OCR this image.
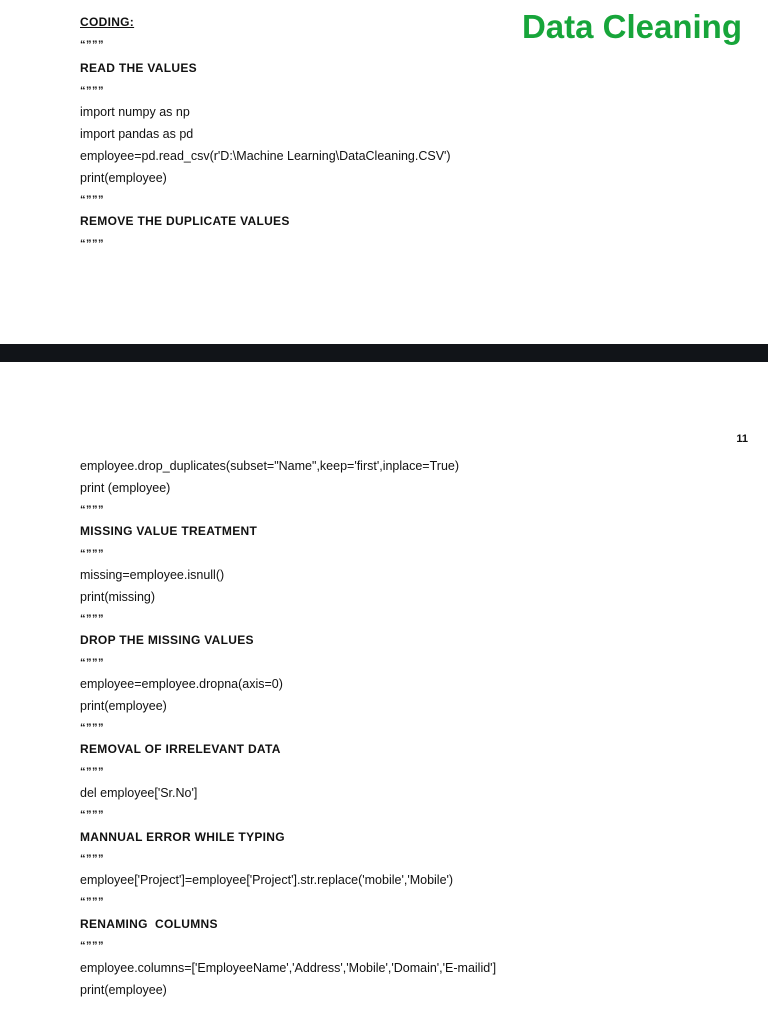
Data Cleaning
CODING:
“”””
READ THE VALUES
“”””
import numpy as np
import pandas as pd
employee=pd.read_csv(r'D:\Machine Learning\DataCleaning.CSV')
print(employee)
“”””
REMOVE THE DUPLICATE VALUES
“”””
11
employee.drop_duplicates(subset="Name",keep='first',inplace=True)
print (employee)
“”””
MISSING VALUE TREATMENT
“”””
missing=employee.isnull()
print(missing)
“”””
DROP THE MISSING VALUES
“”””
employee=employee.dropna(axis=0)
print(employee)
“”””
REMOVAL OF IRRELEVANT DATA
“”””
del employee['Sr.No']
“”””
MANNUAL ERROR WHILE TYPING
“”””
employee['Project']=employee['Project'].str.replace('mobile','Mobile')
“”””
RENAMING  COLUMNS
“”””
employee.columns=['EmployeeName','Address','Mobile','Domain','E-mailid']
print(employee)
